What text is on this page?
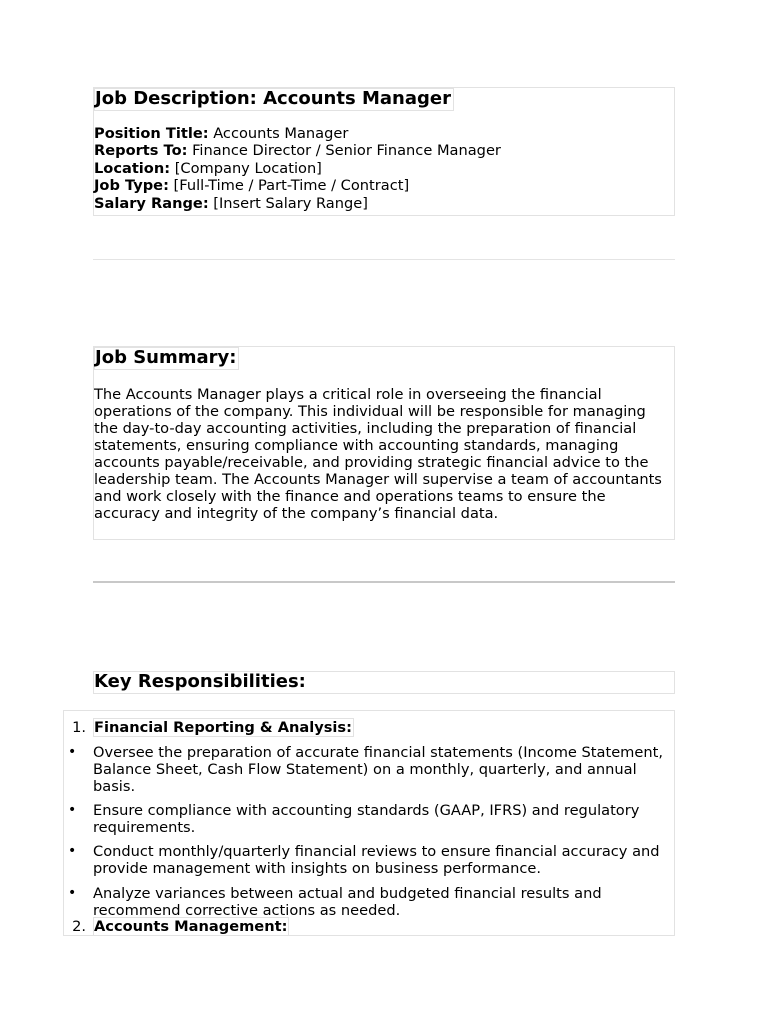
Job Description: Accounts Manager
Position Title: Accounts Manager
Reports To: Finance Director / Senior Finance Manager
Location: [Company Location]
Job Type: [Full-Time / Part-Time / Contract]
Salary Range: [Insert Salary Range]
Job Summary:
The Accounts Manager plays a critical role in overseeing the financial operations of the company. This individual will be responsible for managing the day-to-day accounting activities, including the preparation of financial statements, ensuring compliance with accounting standards, managing accounts payable/receivable, and providing strategic financial advice to the leadership team. The Accounts Manager will supervise a team of accountants and work closely with the finance and operations teams to ensure the accuracy and integrity of the company’s financial data.
Key Responsibilities:
1. Financial Reporting & Analysis:
• Oversee the preparation of accurate financial statements (Income Statement, Balance Sheet, Cash Flow Statement) on a monthly, quarterly, and annual basis.
• Ensure compliance with accounting standards (GAAP, IFRS) and regulatory requirements.
• Conduct monthly/quarterly financial reviews to ensure financial accuracy and provide management with insights on business performance.
• Analyze variances between actual and budgeted financial results and recommend corrective actions as needed.
2. Accounts Management:
